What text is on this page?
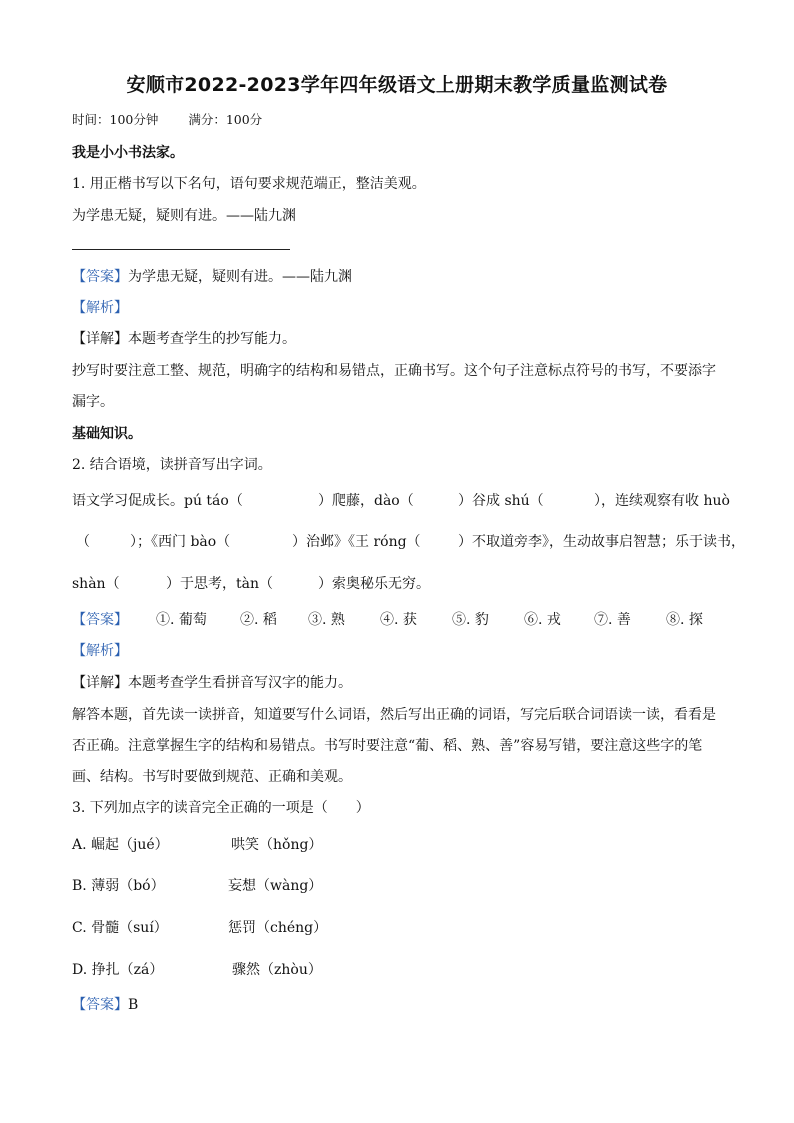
安顺市2022-2023学年四年级语文上册期末教学质量监测试卷
时间：100分钟 满分：100分
我是小小书法家。
1. 用正楷书写以下名句，语句要求规范端正，整洁美观。
为学患无疑，疑则有进。——陆九渊
【答案】为学患无疑，疑则有进。——陆九渊
【解析】
【详解】本题考查学生的抄写能力。
抄写时要注意工整、规范，明确字的结构和易错点，正确书写。这个句子注意标点符号的书写，不要添字
漏字。
基础知识。
2. 结合语境，读拼音写出字词。
语文学习促成长。pú táo（	）爬藤，dào（	）谷成 shú（	），连续观察有收 huò
（	）；《西门 bào（	）治邺》《王 róng（	）不取道旁李》，生动故事启智慧；乐于读书，
shàn（	）于思考，tàn（	）索奥秘乐无穷。
【答案】 ①. 葡萄 ②. 稻 ③. 熟	④. 获	⑤. 豹	⑥. 戎 ⑦. 善	⑧. 探
【解析】
【详解】本题考查学生看拼音写汉字的能力。
解答本题，首先读一读拼音，知道要写什么词语，然后写出正确的词语，写完后联合词语读一读，看看是
否正确。注意掌握生字的结构和易错点。书写时要注意“葡、稻、熟、善”容易写错，要注意这些字的笔
画、结构。书写时要做到规范、正确和美观。
3. 下列加点字的读音完全正确的一项是（　　）
A. 崛起（jué）	哄笑（hǒng）
B. 薄弱（bó）	妄想（wàng）
C. 骨髓（suí）	惩罚（chéng）
D. 挣扎（zá）	骤然（zhòu）
【答案】B
